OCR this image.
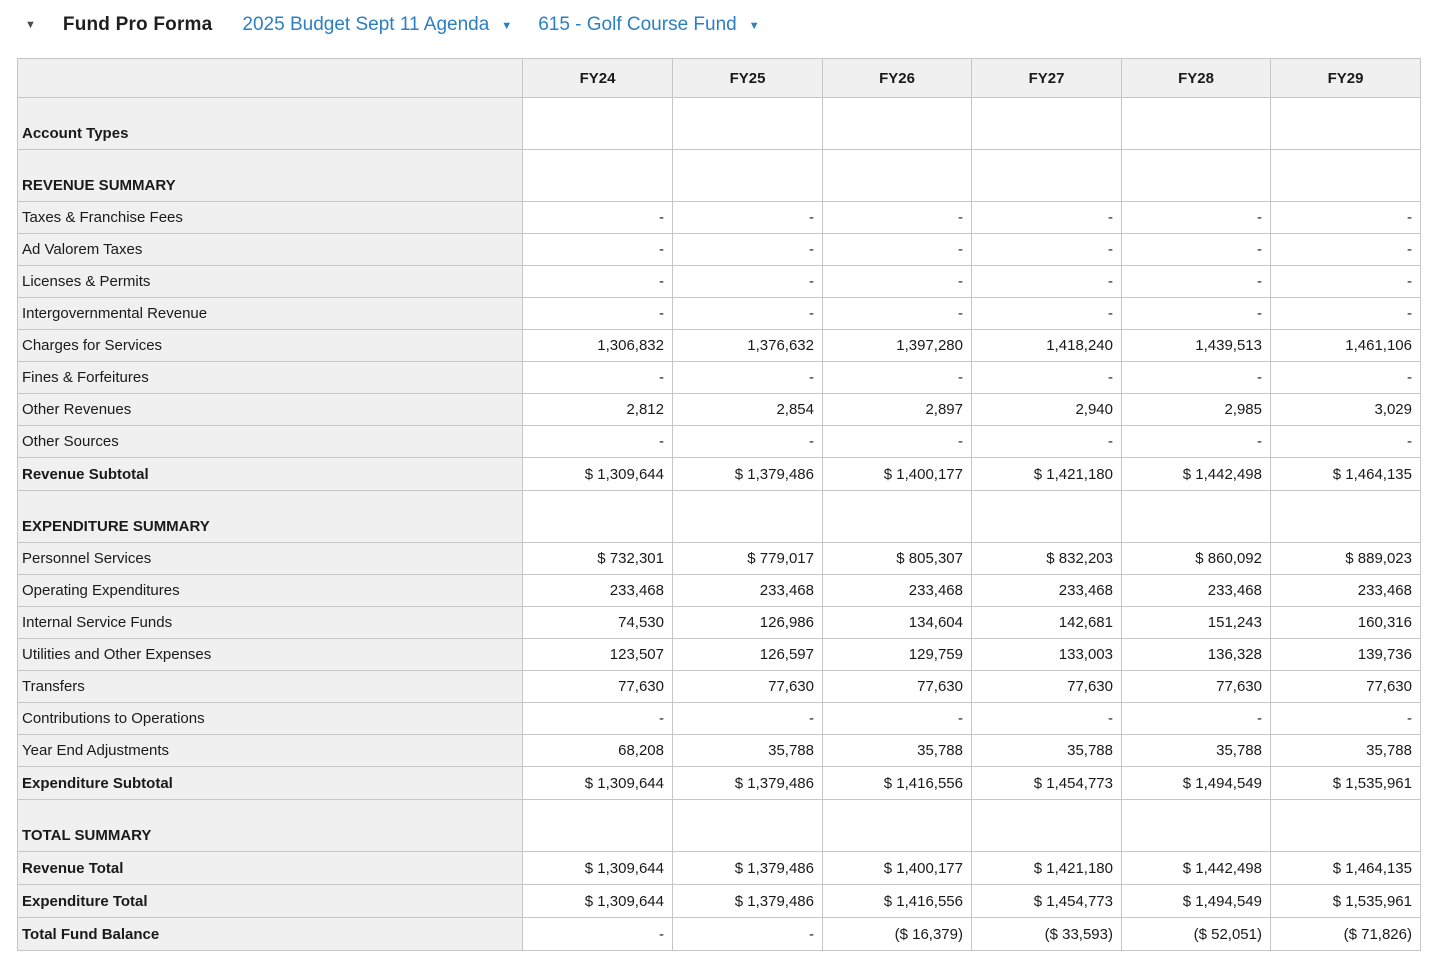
▼ Fund Pro Forma 2025 Budget Sept 11 Agenda ▼ 615 - Golf Course Fund ▼
	FY24	FY25	FY26	FY27	FY28	FY29
Account Types						
REVENUE SUMMARY						
Taxes & Franchise Fees	-	-	-	-	-	-
Ad Valorem Taxes	-	-	-	-	-	-
Licenses & Permits	-	-	-	-	-	-
Intergovernmental Revenue	-	-	-	-	-	-
Charges for Services	1,306,832	1,376,632	1,397,280	1,418,240	1,439,513	1,461,106
Fines & Forfeitures	-	-	-	-	-	-
Other Revenues	2,812	2,854	2,897	2,940	2,985	3,029
Other Sources	-	-	-	-	-	-
Revenue Subtotal	$ 1,309,644	$ 1,379,486	$ 1,400,177	$ 1,421,180	$ 1,442,498	$ 1,464,135
EXPENDITURE SUMMARY						
Personnel Services	$ 732,301	$ 779,017	$ 805,307	$ 832,203	$ 860,092	$ 889,023
Operating Expenditures	233,468	233,468	233,468	233,468	233,468	233,468
Internal Service Funds	74,530	126,986	134,604	142,681	151,243	160,316
Utilities and Other Expenses	123,507	126,597	129,759	133,003	136,328	139,736
Transfers	77,630	77,630	77,630	77,630	77,630	77,630
Contributions to Operations	-	-	-	-	-	-
Year End Adjustments	68,208	35,788	35,788	35,788	35,788	35,788
Expenditure Subtotal	$ 1,309,644	$ 1,379,486	$ 1,416,556	$ 1,454,773	$ 1,494,549	$ 1,535,961
TOTAL SUMMARY						
Revenue Total	$ 1,309,644	$ 1,379,486	$ 1,400,177	$ 1,421,180	$ 1,442,498	$ 1,464,135
Expenditure Total	$ 1,309,644	$ 1,379,486	$ 1,416,556	$ 1,454,773	$ 1,494,549	$ 1,535,961
Total Fund Balance	-	-	($ 16,379)	($ 33,593)	($ 52,051)	($ 71,826)
